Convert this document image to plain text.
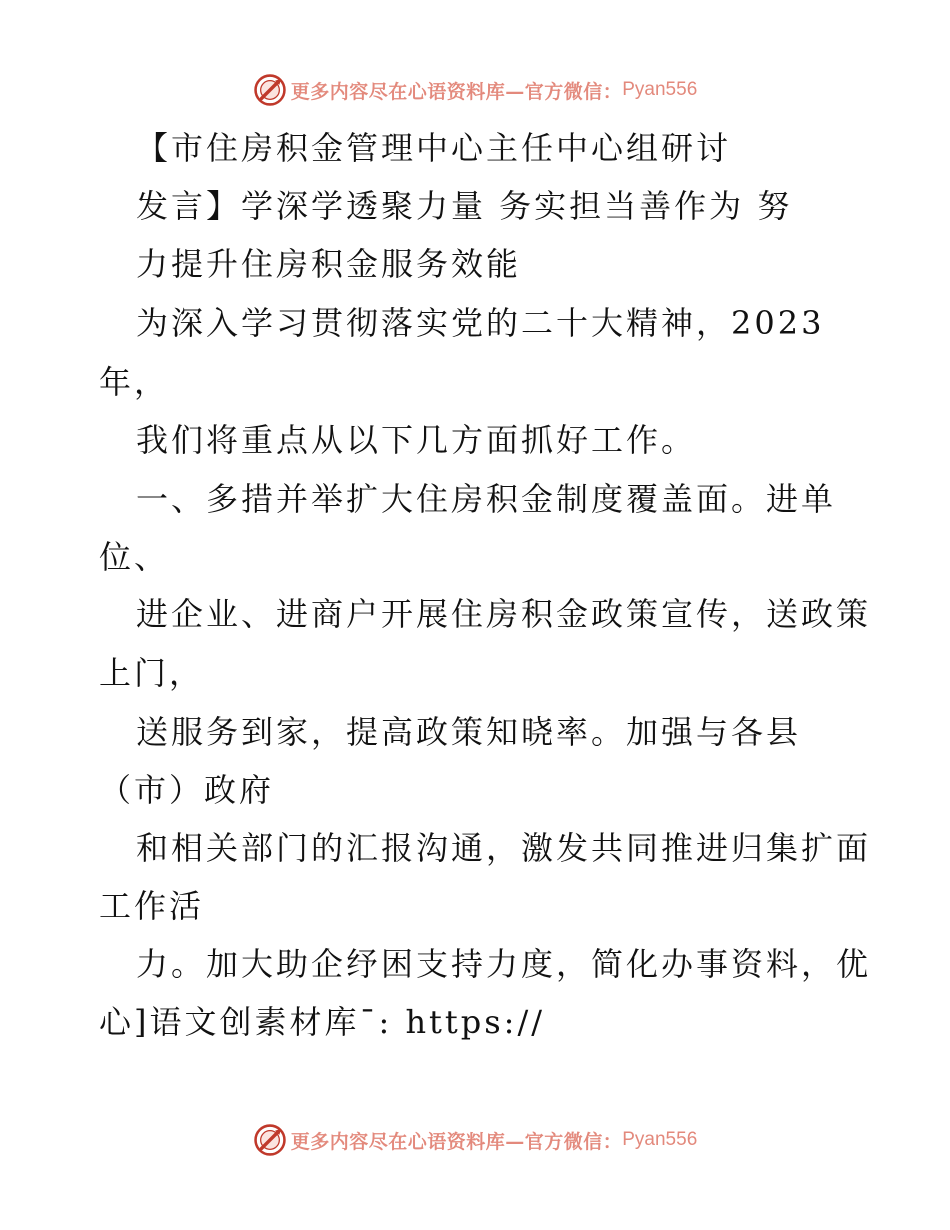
更多内容尽在心语资料库—官方微信： Pyan556
【市住房积金管理中心主任中心组研讨
发言】学深学透聚力量 务实担当善作为 努
力提升住房积金服务效能
为深入学习贯彻落实党的二十大精神，2023
年，
我们将重点从以下几方面抓好工作。
一、多措并举扩大住房积金制度覆盖面。进单
位、
进企业、进商户开展住房积金政策宣传，送政策
上门，
送服务到家，提高政策知晓率。加强与各县
（市）政府
和相关部门的汇报沟通，激发共同推进归集扩面
工作活
力。加大助企纾困支持力度，简化办事资料，优
心]语文创素材库¯: https://
更多内容尽在心语资料库—官方微信： Pyan556
